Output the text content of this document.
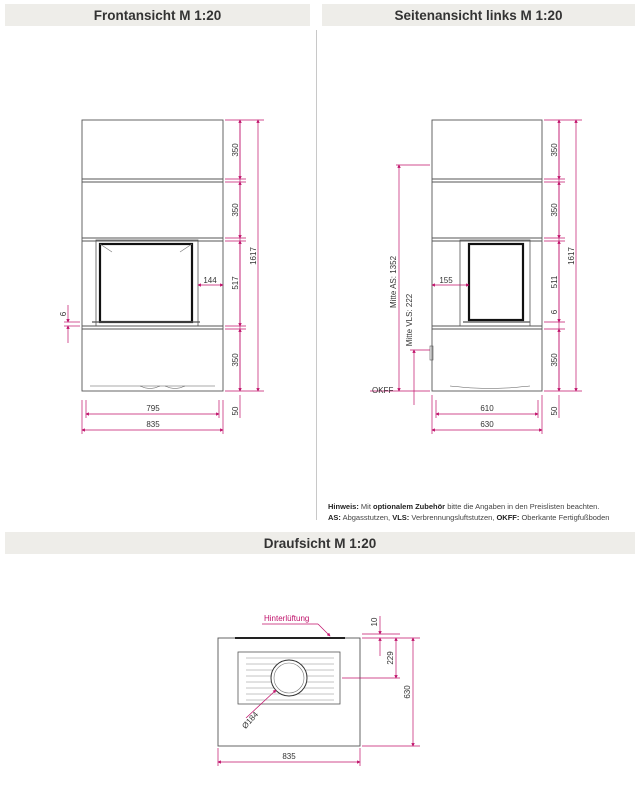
Frontansicht M 1:20	Seitenansicht links M 1:20
Draufsicht M 1:20
350
350
517
350
50
1617
144
6
795
835
350
350
511
6
350
50
1617
155
Mitte AS: 1352
Mitte VLS: 222
OKFF
610
630
Hinterlüftung	10
229
630
835
Ø184
Hinweis: Mit optionalem Zubehör bitte die Angaben in den Preislisten beachten.
AS: Abgasstutzen, VLS: Verbrennungsluftstutzen, OKFF: Oberkante Fertigfußboden
